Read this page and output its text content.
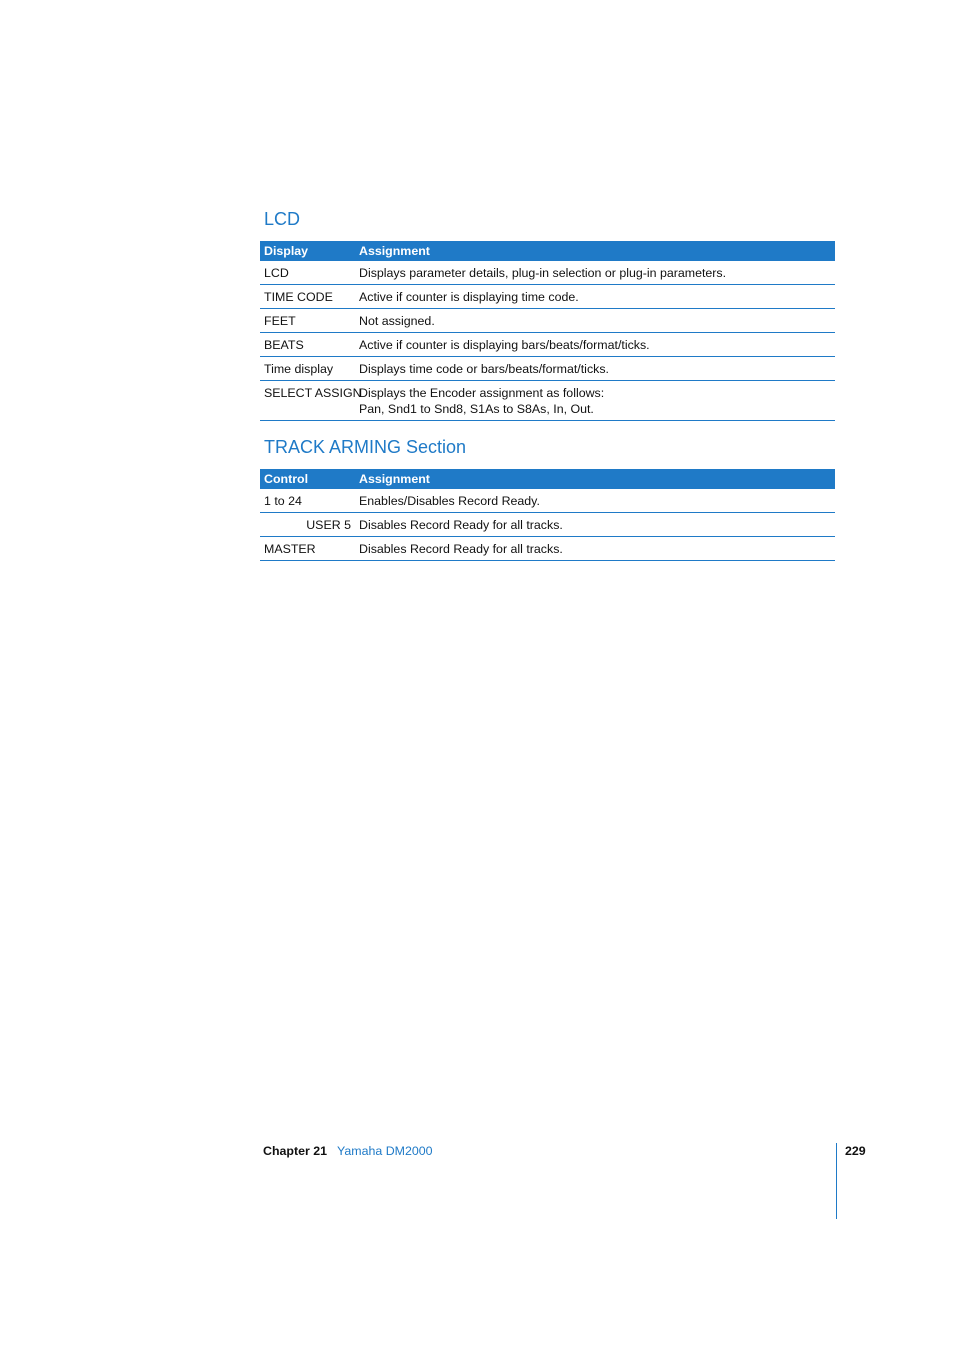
LCD
Display	Assignment
LCD	Displays parameter details, plug-in selection or plug-in parameters.
TIME CODE	Active if counter is displaying time code.
FEET	Not assigned.
BEATS	Active if counter is displaying bars/beats/format/ticks.
Time display	Displays time code or bars/beats/format/ticks.
SELECT ASSIGN	Displays the Encoder assignment as follows:
Pan, Snd1 to Snd8, S1As to S8As, In, Out.
TRACK ARMING Section
Control	Assignment
1 to 24	Enables/Disables Record Ready.
USER 5	Disables Record Ready for all tracks.
MASTER	Disables Record Ready for all tracks.
Chapter 21 Yamaha DM2000	229
